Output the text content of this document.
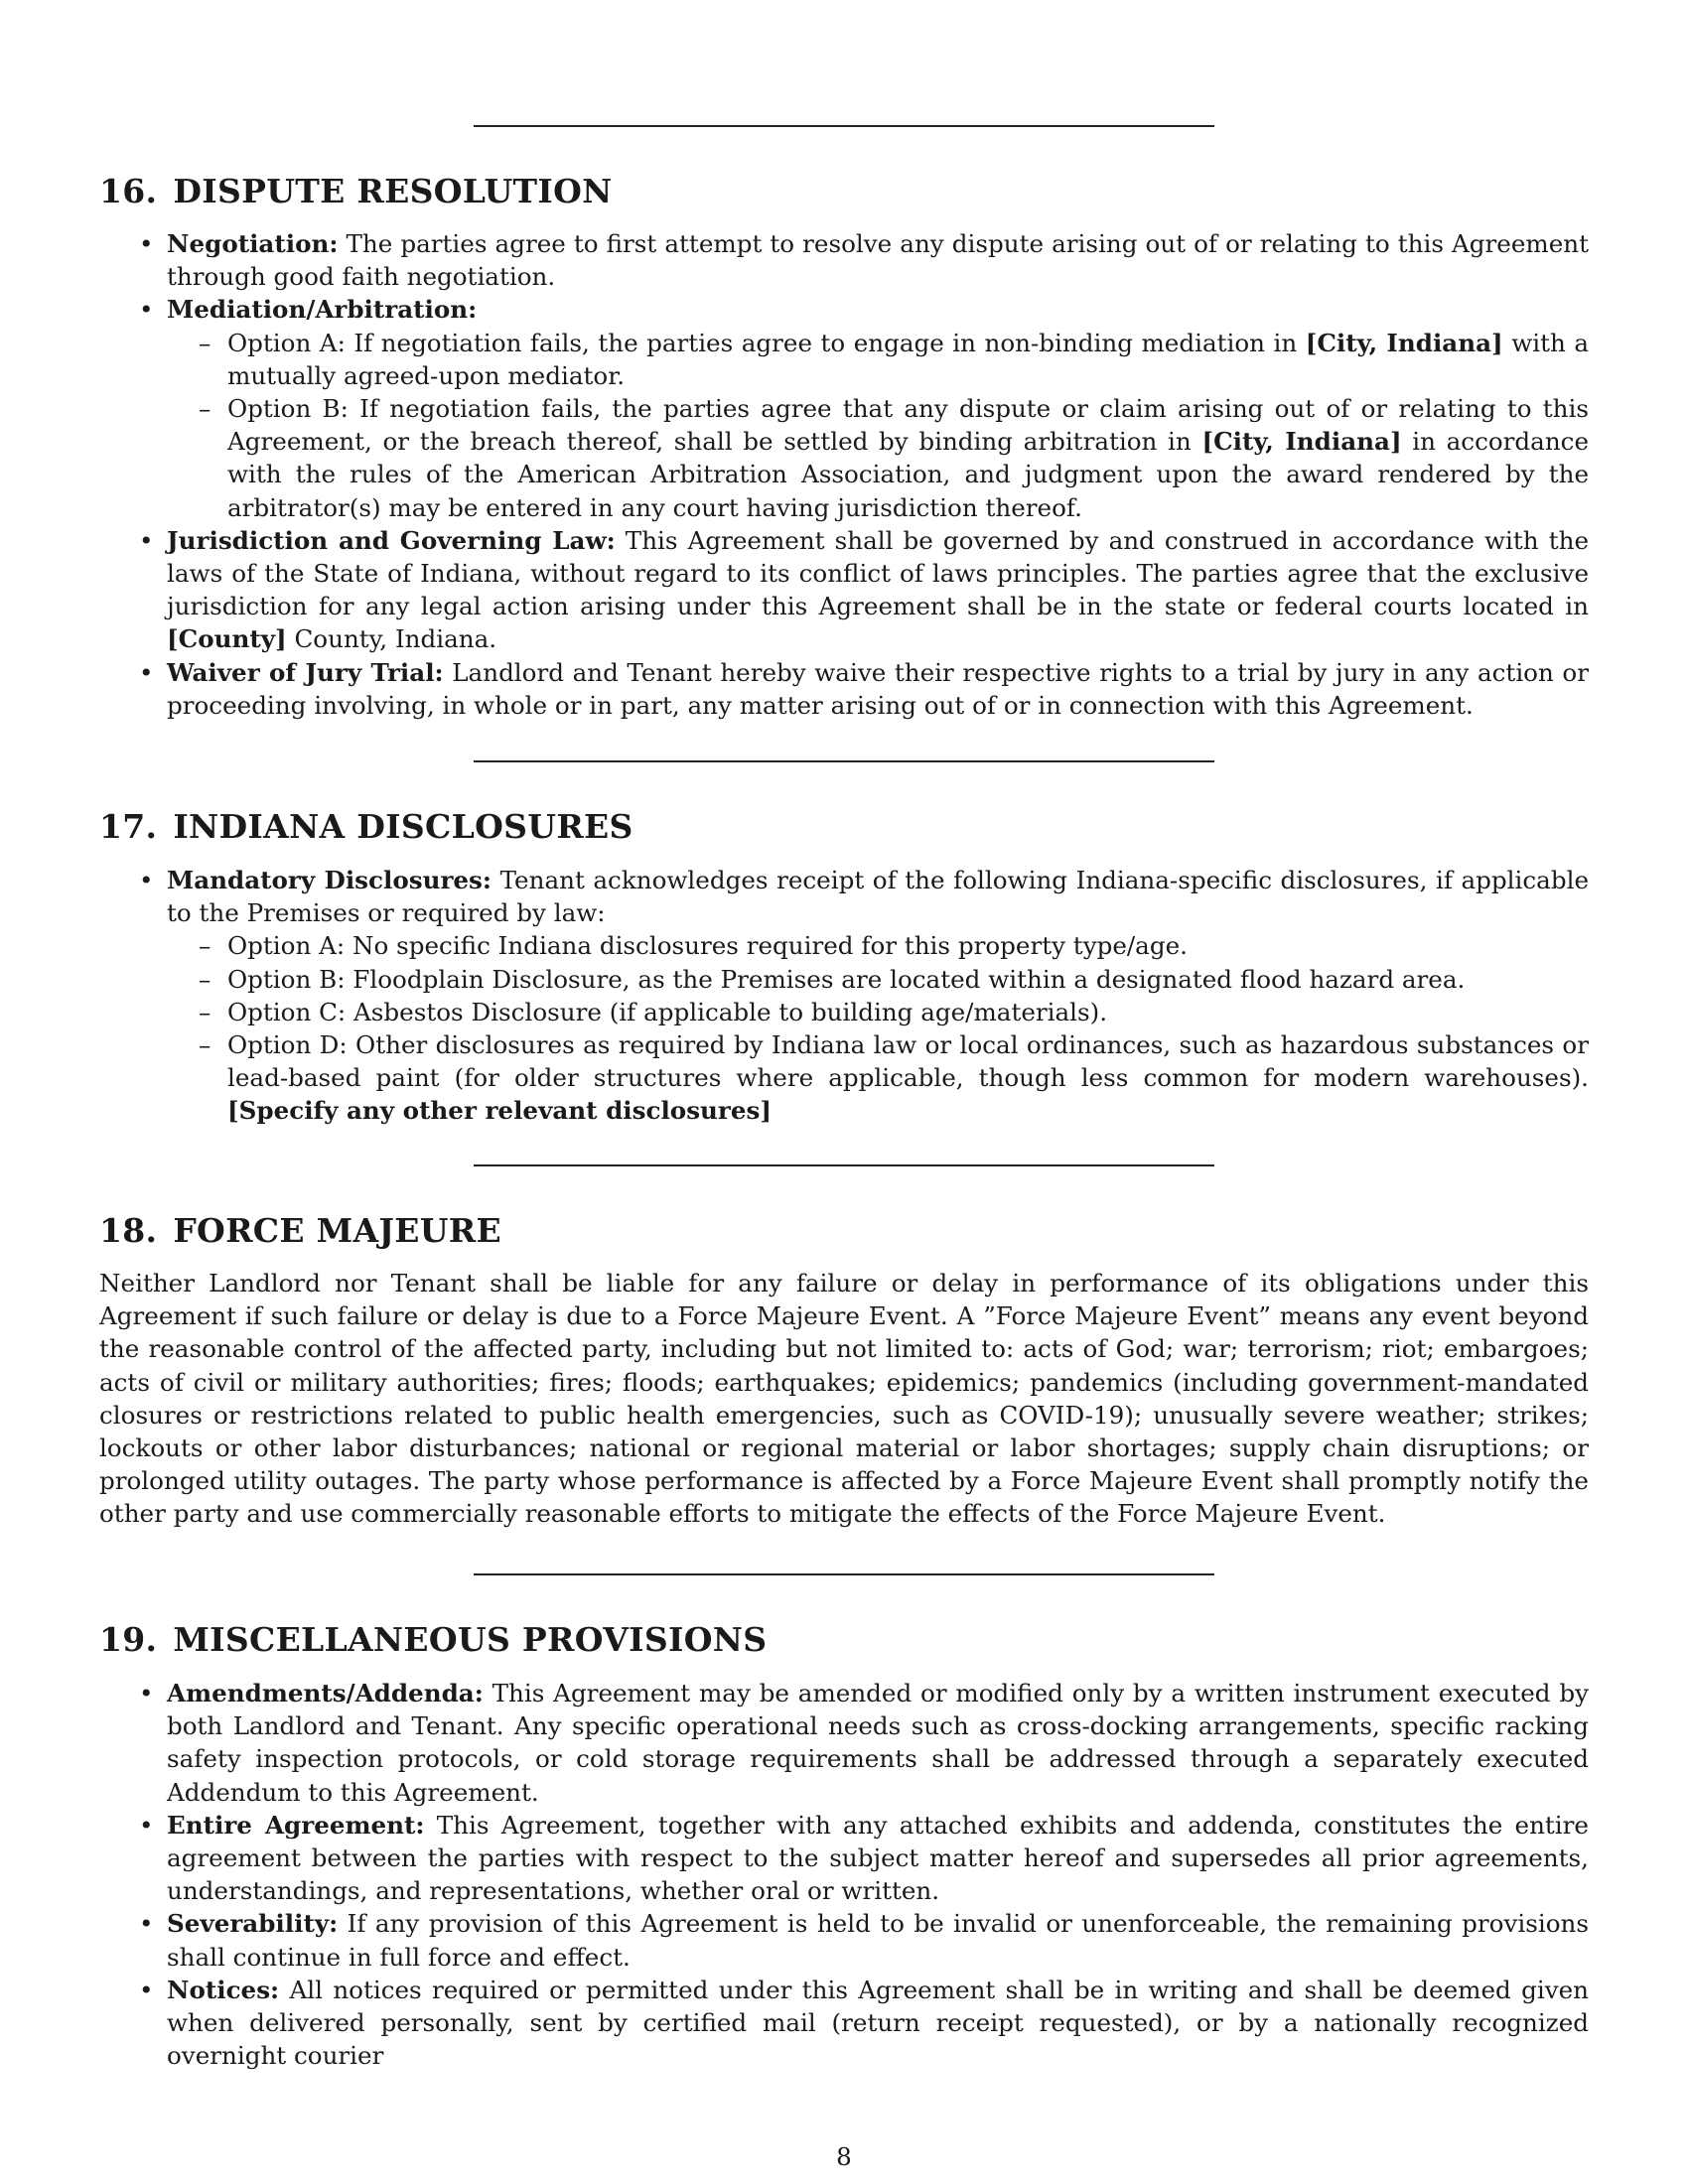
16. DISPUTE RESOLUTION
• Negotiation: The parties agree to first attempt to resolve any dispute arising out of or relating to this Agreement through good faith negotiation.
• Mediation/Arbitration:
– Option A: If negotiation fails, the parties agree to engage in non-binding mediation in [City, Indiana] with a mutually agreed-upon mediator.
– Option B: If negotiation fails, the parties agree that any dispute or claim arising out of or relating to this Agreement, or the breach thereof, shall be settled by binding arbitration in [City, Indiana] in accordance with the rules of the American Arbitration Association, and judgment upon the award rendered by the arbitrator(s) may be entered in any court having jurisdiction thereof.
• Jurisdiction and Governing Law: This Agreement shall be governed by and construed in accordance with the laws of the State of Indiana, without regard to its conflict of laws principles. The parties agree that the exclusive jurisdiction for any legal action arising under this Agreement shall be in the state or federal courts located in [County] County, Indiana.
• Waiver of Jury Trial: Landlord and Tenant hereby waive their respective rights to a trial by jury in any action or proceeding involving, in whole or in part, any matter arising out of or in connection with this Agreement.
17. INDIANA DISCLOSURES
• Mandatory Disclosures: Tenant acknowledges receipt of the following Indiana-specific disclosures, if applicable to the Premises or required by law:
– Option A: No specific Indiana disclosures required for this property type/age.
– Option B: Floodplain Disclosure, as the Premises are located within a designated flood hazard area.
– Option C: Asbestos Disclosure (if applicable to building age/materials).
– Option D: Other disclosures as required by Indiana law or local ordinances, such as hazardous substances or lead-based paint (for older structures where applicable, though less common for modern warehouses). [Specify any other relevant disclosures]
18. FORCE MAJEURE

Neither Landlord nor Tenant shall be liable for any failure or delay in performance of its obligations under this Agreement if such failure or delay is due to a Force Majeure Event. A ”Force Majeure Event” means any event beyond the reasonable control of the affected party, including but not limited to: acts of God; war; terrorism; riot; embargoes; acts of civil or military authorities; fires; floods; earthquakes; epidemics; pandemics (including government-mandated closures or restrictions related to public health emergencies, such as COVID-19); unusually severe weather; strikes; lockouts or other labor disturbances; national or regional material or labor shortages; supply chain disruptions; or prolonged utility outages. The party whose performance is affected by a Force Majeure Event shall promptly notify the other party and use commercially reasonable efforts to mitigate the effects of the Force Majeure Event.

19. MISCELLANEOUS PROVISIONS
• Amendments/Addenda: This Agreement may be amended or modified only by a written instrument executed by both Landlord and Tenant. Any specific operational needs such as cross-docking arrangements, specific racking safety inspection protocols, or cold storage requirements shall be addressed through a separately executed Addendum to this Agreement.
• Entire Agreement: This Agreement, together with any attached exhibits and addenda, constitutes the entire agreement between the parties with respect to the subject matter hereof and supersedes all prior agreements, understandings, and representations, whether oral or written.
• Severability: If any provision of this Agreement is held to be invalid or unenforceable, the remaining provisions shall continue in full force and effect.
• Notices: All notices required or permitted under this Agreement shall be in writing and shall be deemed given when delivered personally, sent by certified mail (return receipt requested), or by a nationally recognized overnight courier
8
